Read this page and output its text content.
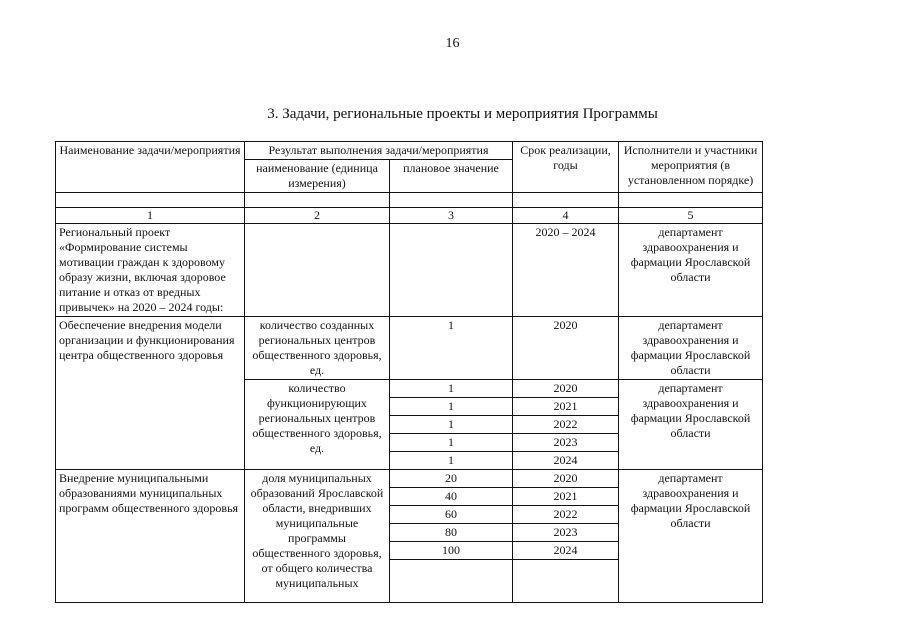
16
3. Задачи, региональные проекты и мероприятия Программы
Наименование задачи/мероприятия	Результат выполнения задачи/мероприятия		Срок реализации, годы	Исполнители и участники мероприятия (в установленном порядке)
	наименование (единица измерения)	плановое значение		

1	2	3	4	5
Региональный проект «Формирование системы мотивации граждан к здоровому образу жизни, включая здоровое питание и отказ от вредных привычек» на 2020 – 2024 годы:			2020 – 2024	департамент здравоохранения и фармации Ярославской области
Обеспечение внедрения модели организации и функционирования центра общественного здоровья	количество созданных региональных центров общественного здоровья, ед.	1	2020	департамент здравоохранения и фармации Ярославской области
	количество функционирующих региональных центров общественного здоровья, ед.	1	2020	департамент здравоохранения и фармации Ярославской области
		1	2021	
		1	2022	
		1	2023	
		1	2024	
Внедрение муниципальными образованиями муниципальных программ общественного здоровья	доля муниципальных образований Ярославской области, внедривших муниципальные программы общественного здоровья, от общего количества муниципальных	20	2020	департамент здравоохранения и фармации Ярославской области
		40	2021	
		60	2022	
		80	2023	
		100	2024	
